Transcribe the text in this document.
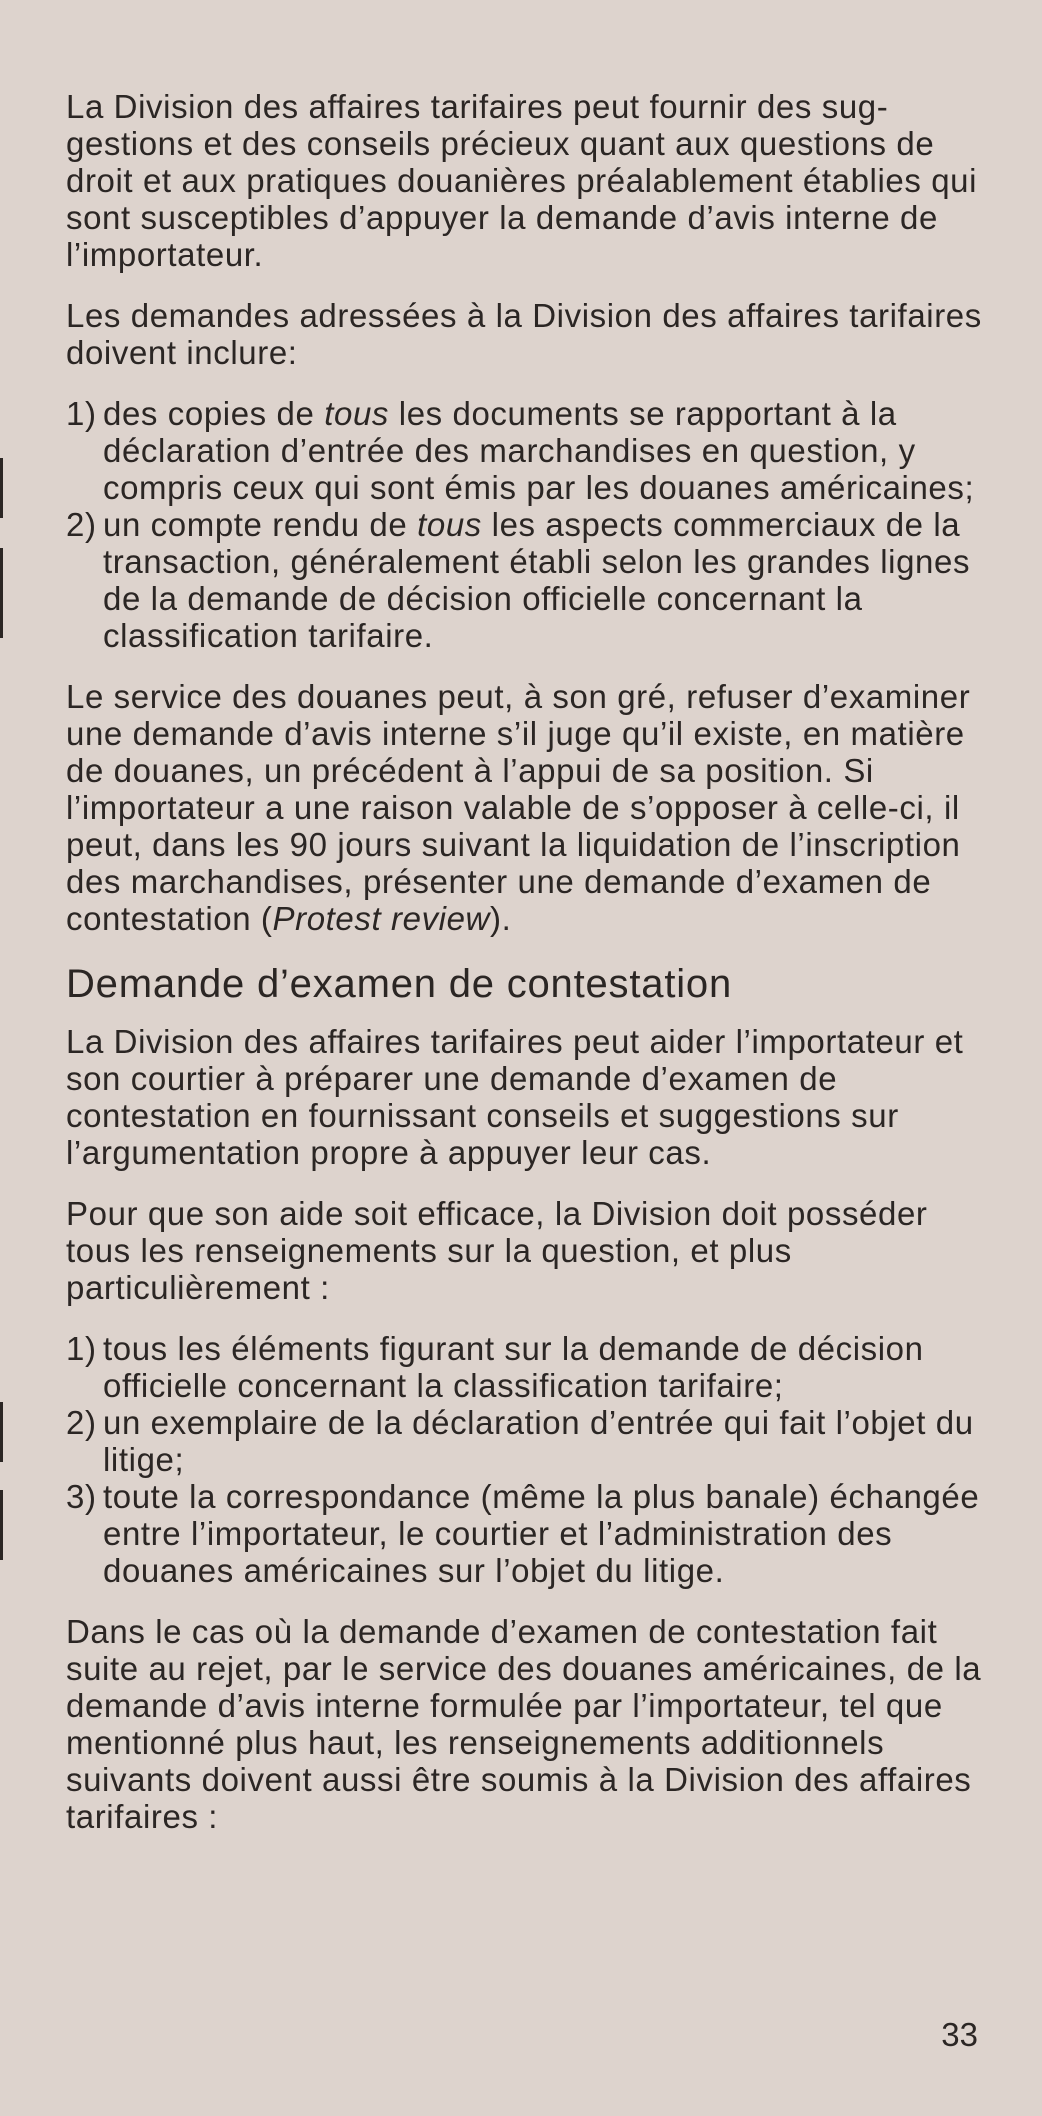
La Division des affaires tarifaires peut fournir des suggestions et des conseils précieux quant aux questions de droit et aux pratiques douanières préalablement établies qui sont susceptibles d’appuyer la demande d’avis interne de l’importateur.

Les demandes adressées à la Division des affaires tarifaires doivent inclure:

1) des copies de tous les documents se rapportant à la déclaration d’entrée des marchandises en question, y compris ceux qui sont émis par les douanes américaines;
2) un compte rendu de tous les aspects commerciaux de la transaction, généralement établi selon les grandes lignes de la demande de décision officielle concernant la classification tarifaire.

Le service des douanes peut, à son gré, refuser d’examiner une demande d’avis interne s’il juge qu’il existe, en matière de douanes, un précédent à l’appui de sa position. Si l’importateur a une raison valable de s’opposer à celle-ci, il peut, dans les 90 jours suivant la liquidation de l’inscription des marchandises, présenter une demande d’examen de contestation (Protest review).

Demande d’examen de contestation

La Division des affaires tarifaires peut aider l’importateur et son courtier à préparer une demande d’examen de contestation en fournissant conseils et suggestions sur l’argumentation propre à appuyer leur cas.

Pour que son aide soit efficace, la Division doit posséder tous les renseignements sur la question, et plus particulièrement :

1) tous les éléments figurant sur la demande de décision officielle concernant la classification tarifaire;
2) un exemplaire de la déclaration d’entrée qui fait l’objet du litige;
3) toute la correspondance (même la plus banale) échangée entre l’importateur, le courtier et l’administration des douanes américaines sur l’objet du litige.

Dans le cas où la demande d’examen de contestation fait suite au rejet, par le service des douanes américaines, de la demande d’avis interne formulée par l’importateur, tel que mentionné plus haut, les renseignements additionnels suivants doivent aussi être soumis à la Division des affaires tarifaires :

33
